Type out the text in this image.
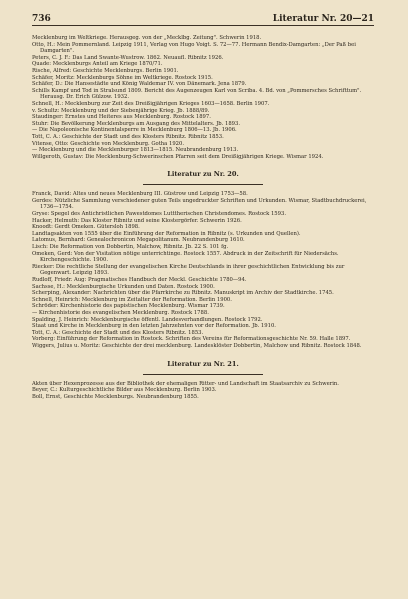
736	Literatur Nr. 20—21

Mecklenburg im Weltkriege. Herausgeg. von der „Mecklbg. Zeitung". Schwerin 1918.

Otto, H.: Mein Pommernland. Leipzig 1911, Verlag von Hugo Voigt. S. 72—77. Hermann Bendix-Damgarten: „Der Paß bei Damgarten".

Peters, C. J. F.: Das Land Swante-Wustrow. 1862. Neuaufl. Ribnitz 1926.

Quade: Mecklenburgs Anteil am Kriege 1870/71.

Rische, Alfred: Geschichte Mecklenburgs. Berlin 1901.

Schäfer, Moritz: Mecklenburgs Söhne im Weltkriege. Rostock 1915.

Schäfer, D.: Die Hansestädte und König Waldemar IV. von Dänemark. Jena 1879.

Schills Kampf und Tod in Stralsund 1809. Bericht des Augenzeugen Karl von Scriba. 4. Bd. von „Pommersches Schrifttum". Herausg. Dr. Erich Gülzow. 1932.

Schnell, H.: Mecklenburg zur Zeit des Dreißigjährigen Krieges 1603—1658. Berlin 1907.

v. Schultz: Mecklenburg und der Siebenjährige Krieg. Jb. 1888/89.

Staudinger: Ernstes und Heiteres aus Mecklenburg. Rostock 1897.

Stuhr: Die Bevölkerung Mecklenburgs am Ausgang des Mittelalters. Jb. 1893.

— Die Napoleonische Kontinentalsperre in Mecklenburg 1806—13. Jb. 1906.

Tott, C. A.: Geschichte der Stadt und des Klosters Ribnitz. Ribnitz 1853.

Vitense, Otto: Geschichte von Mecklenburg. Gotha 1920.

— Mecklenburg und die Mecklenburger 1813—1815. Neubrandenburg 1913.

Willgeroth, Gustav: Die Mecklenburg-Schwerinschen Pfarren seit dem Dreißigjährigen Kriege. Wismar 1924.

Literatur zu Nr. 20.

Franck, David: Altes und neues Mecklenburg III. Güstrow und Leipzig 1753—58.

Gerdes: Nützliche Sammlung verschiedener guten Teils ungedruckter Schriften und Urkunden. Wismar, Stadtbuchdruckerei, 1736—1754.

Gryse: Spegel des Antichristlichen Pawestdomes Lutttherischen Christendomes. Rostock 1593.

Hacker, Helmuth: Das Kloster Ribnitz und seine Klostergörfer. Schwerin 1926.

Knoodt: Gerdt Omeken. Gütersloh 1898.

Landtagsakten von 1555 über die Einführung der Reformation in Ribnitz (s. Urkunden und Quellen).

Latomus, Bernhard: Genealochronicon Megapolitanum. Neubrandenburg 1610.

Lisch: Die Reformation von Dobbertin, Malchow, Ribnitz. Jb. 22 S. 101 fg.

Omeken, Gerd: Von der Visitation nötige unterrichtinge. Rostock 1557. Abdruck in der Zeitschrift für Niedersächs. Kirchengeschichte. 1900.

Riecker: Die rechtliche Stellung der evangelischen Kirche Deutschlands in ihrer geschichtlichen Entwicklung bis zur Gegenwart. Leipzig 1893.

Rudloff, Friedr. Aug: Pragmatisches Handbuch der Meckl. Geschichte 1780—94.

Sachsse, H.: Mecklenburgische Urkunden und Daten. Rostock 1900.

Scherping, Alexander: Nachrichten über die Pfarrkirche zu Ribnitz. Manuskript im Archiv der Stadtkirche. 1745.

Schnell, Heinrich: Mecklenburg im Zeitalter der Reformation. Berlin 1900.

Schröder: Kirchenhistorie des papistischen Mecklenburg. Wismar 1739.

— Kirchenhistorie des evangelischen Mecklenburg. Rostock 1788.

Spalding, J. Heinrich: Mecklenburgische öffentl. Landesverhandlungen. Rostock 1792.

Staat und Kirche in Mecklenburg in den letzten Jahrzehnten vor der Reformation. Jb. 1910.

Tott, C. A.: Geschichte der Stadt und des Klosters Ribnitz. 1853.

Vorberg: Einführung der Reformation in Rostock. Schriften des Vereins für Reformationsgeschichte Nr. 59. Halle 1897.

Wiggers, Julius u. Moritz: Geschichte der drei mecklenburg. Landesklöster Dobbertin, Malchow und Ribnitz. Rostock 1848.

Literatur zu Nr. 21.

Akten über Hexenprozesse aus der Bibliothek der ehemaligen Ritter- und Landschaft im Staatsarchiv zu Schwerin.

Beyer, C.: Kulturgeschichtliche Bilder aus Mecklenburg. Berlin 1903.

Boll, Ernst, Geschichte Mecklenburgs. Neubrandenburg 1855.
